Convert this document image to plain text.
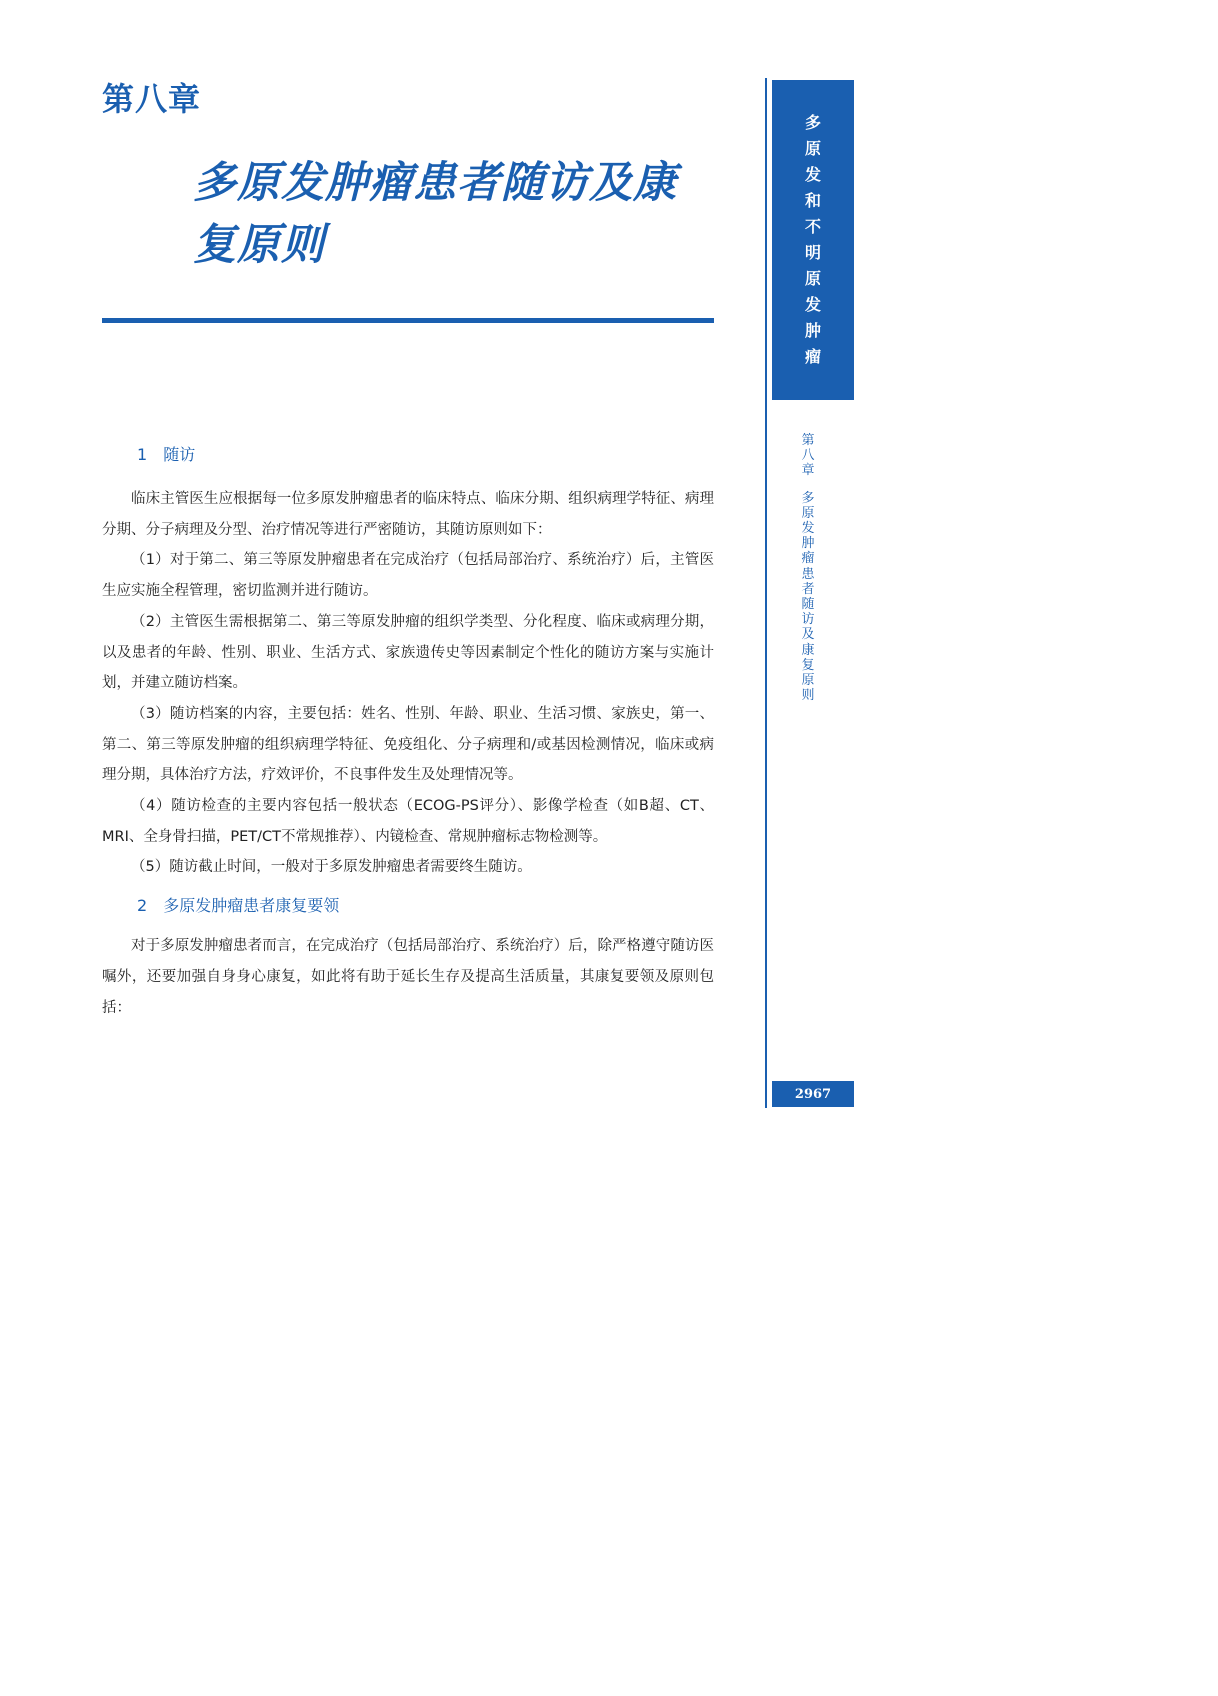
第八章
多原发肿瘤患者随访及康复原则
多
原
发
和
不
明
原
发
肿
瘤
第
八
章
多
原
发
肿
瘤
患
者
随
访
及
康
复
原
则
2967
1 随访

临床主管医生应根据每一位多原发肿瘤患者的临床特点、临床分期、组织病理学特征、病理分期、分子病理及分型、治疗情况等进行严密随访，其随访原则如下：

（1）对于第二、第三等原发肿瘤患者在完成治疗（包括局部治疗、系统治疗）后，主管医生应实施全程管理，密切监测并进行随访。

（2）主管医生需根据第二、第三等原发肿瘤的组织学类型、分化程度、临床或病理分期，以及患者的年龄、性别、职业、生活方式、家族遗传史等因素制定个性化的随访方案与实施计划，并建立随访档案。

（3）随访档案的内容，主要包括：姓名、性别、年龄、职业、生活习惯、家族史，第一、第二、第三等原发肿瘤的组织病理学特征、免疫组化、分子病理和/或基因检测情况，临床或病理分期，具体治疗方法，疗效评价，不良事件发生及处理情况等。

（4）随访检查的主要内容包括一般状态（ECOG-PS评分）、影像学检查（如B超、CT、MRI、全身骨扫描，PET/CT不常规推荐）、内镜检查、常规肿瘤标志物检测等。

（5）随访截止时间，一般对于多原发肿瘤患者需要终生随访。

2 多原发肿瘤患者康复要领

对于多原发肿瘤患者而言，在完成治疗（包括局部治疗、系统治疗）后，除严格遵守随访医嘱外，还要加强自身身心康复，如此将有助于延长生存及提高生活质量，其康复要领及原则包括：
